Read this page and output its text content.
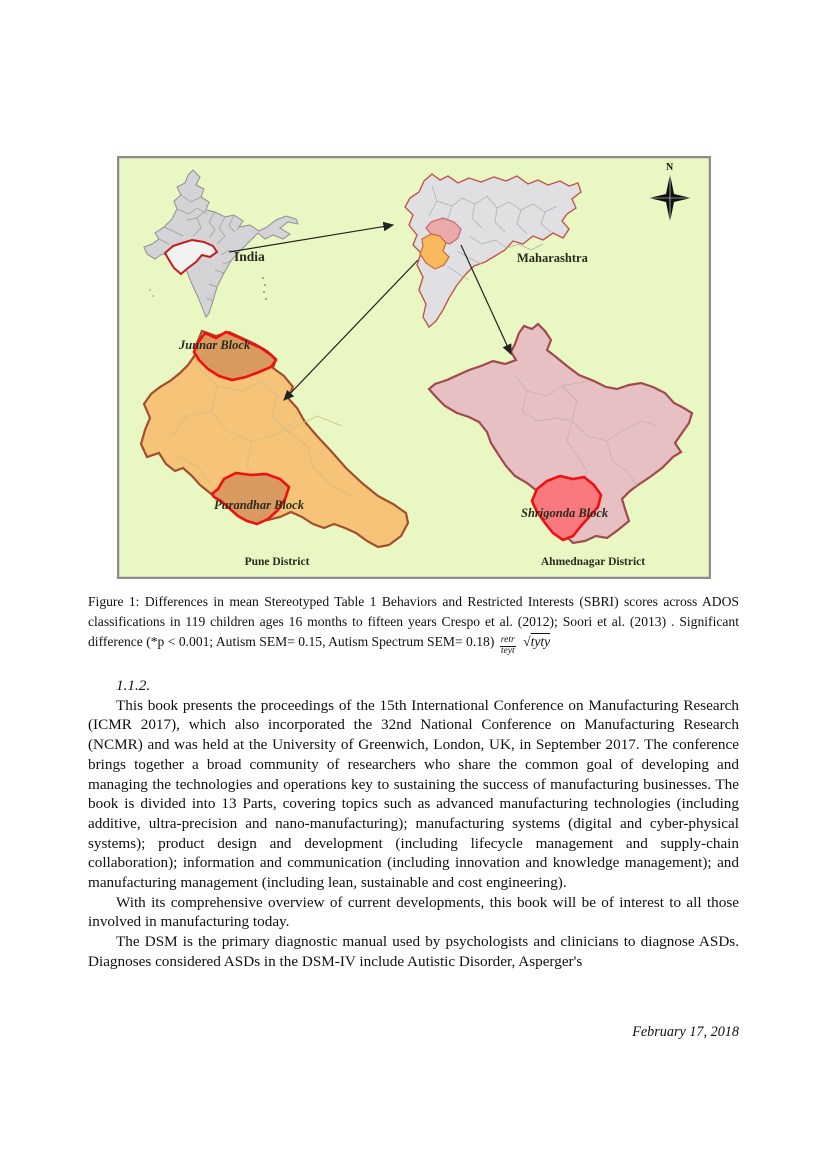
India	Maharashtra
N
Junnar Block
Purandhar Block
Pune District
Shrigonda Block
Ahmednagar District
Figure 1: Differences in mean Stereotyped Table 1 Behaviors and Restricted Interests (SBRI) scores across ADOS classifications in 119 children ages 16 months to fifteen years Crespo et al. (2012); Soori et al. (2013) . Significant difference (*p < 0.001; Autism SEM= 0.15, Autism Spectrum $SEM= 0.18) \frac{\text{retr}}{\text{teyt}}$ √tyty

1.1.2.

This book presents the proceedings of the 15th International Conference on Manufacturing Research (ICMR 2017), which also incorporated the 32nd National Conference on Manufacturing Research (NCMR) and was held at the University of Greenwich, London, UK, in September 2017. The conference brings together a broad community of researchers who share the common goal of developing and managing the technologies and operations key to sustaining the success of manufacturing businesses. The book is divided into 13 Parts, covering topics such as advanced manufacturing technologies (including additive, ultra-precision and nano-manufacturing); manufacturing systems (digital and cyber-physical systems); product design and development (including lifecycle management and supply-chain collaboration); information and communication (including innovation and knowledge management); and manufacturing management (including lean, sustainable and cost engineering).

With its comprehensive overview of current developments, this book will be of interest to all those involved in manufacturing today.

The DSM is the primary diagnostic manual used by psychologists and clinicians to diagnose ASDs. Diagnoses considered ASDs in the DSM-IV include Autistic Disorder, Asperger's

February 17, 2018
